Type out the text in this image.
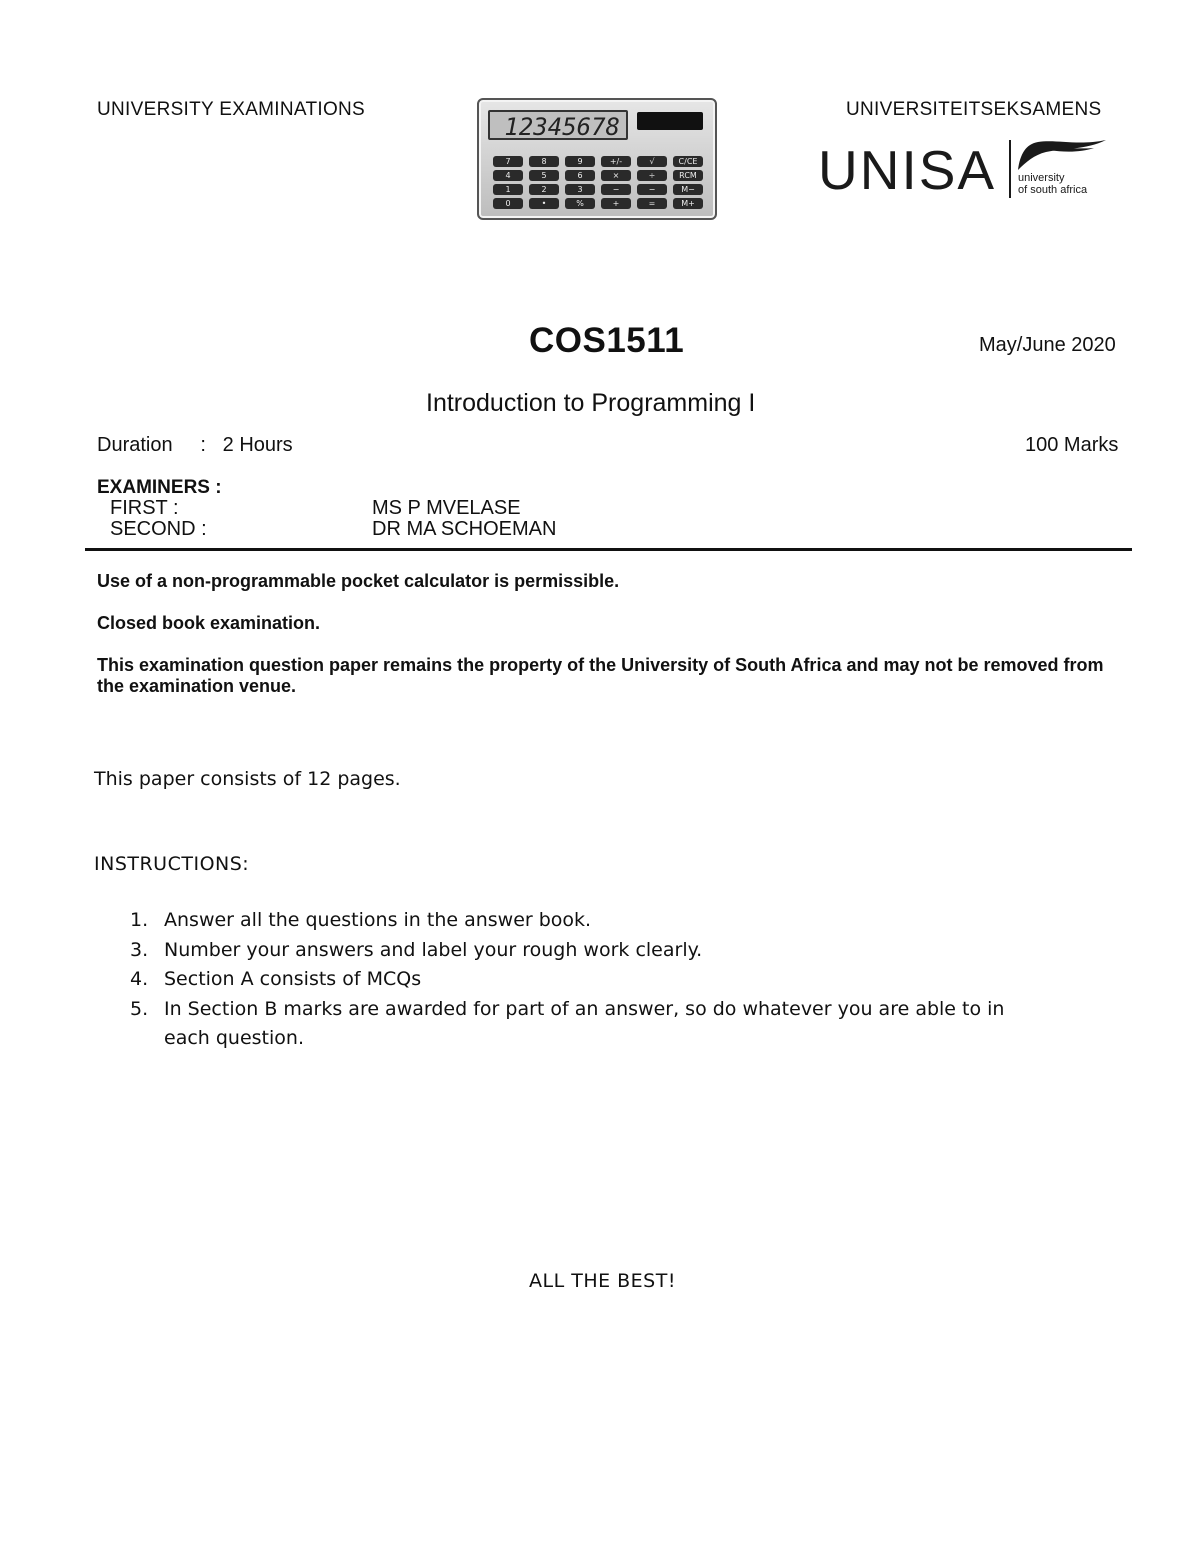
UNIVERSITY EXAMINATIONS
12345678
7	8	9	+/-	√	C/CE
4	5	6	×	÷	RCM
1	2	3	−	−	M−
0	•	%	+	=	M+
UNIVERSITEITSEKSAMENS
UNISA university
of south africa
COS1511	May/June 2020
Introduction to Programming I
Duration : 2 Hours	100 Marks
EXAMINERS :
FIRST :	MS P MVELASE
SECOND :	DR MA SCHOEMAN
Use of a non-programmable pocket calculator is permissible.
Closed book examination.
This examination question paper remains the property of the University of South Africa and may not be removed from the examination venue.
This paper consists of 12 pages.
INSTRUCTIONS:
1. Answer all the questions in the answer book.
3. Number your answers and label your rough work clearly.
4. Section A consists of MCQs
5. In Section B marks are awarded for part of an answer, so do whatever you are able to in each question.
ALL THE BEST!
